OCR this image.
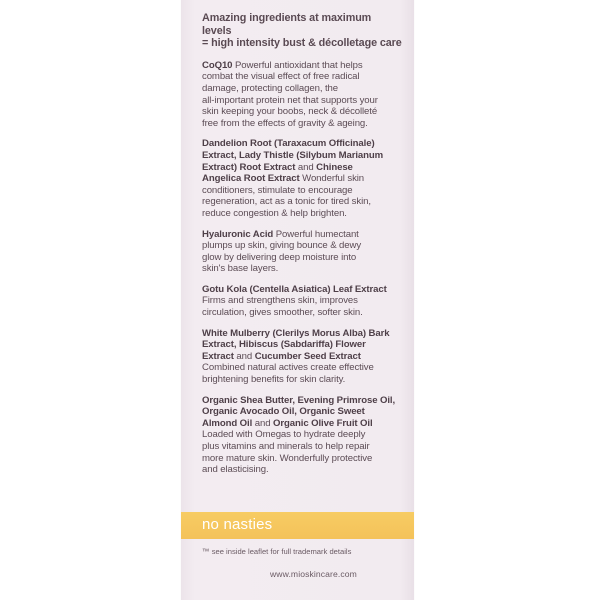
Amazing ingredients at maximum levels
= high intensity bust & décolletage care
CoQ10 Powerful antioxidant that helps
combat the visual effect of free radical
damage, protecting collagen, the
all-important protein net that supports your
skin keeping your boobs, neck & décolleté
free from the effects of gravity & ageing.
Dandelion Root (Taraxacum Officinale)
Extract, Lady Thistle (Silybum Marianum
Extract) Root Extract and Chinese
Angelica Root Extract Wonderful skin
conditioners, stimulate to encourage
regeneration, act as a tonic for tired skin,
reduce congestion & help brighten.
Hyaluronic Acid Powerful humectant
plumps up skin, giving bounce & dewy
glow by delivering deep moisture into
skin's base layers.
Gotu Kola (Centella Asiatica) Leaf Extract
Firms and strengthens skin, improves
circulation, gives smoother, softer skin.
White Mulberry (Clerilys Morus Alba) Bark
Extract, Hibiscus (Sabdariffa) Flower
Extract and Cucumber Seed Extract
Combined natural actives create effective
brightening benefits for skin clarity.
Organic Shea Butter, Evening Primrose Oil,
Organic Avocado Oil, Organic Sweet
Almond Oil and Organic Olive Fruit Oil
Loaded with Omegas to hydrate deeply
plus vitamins and minerals to help repair
more mature skin. Wonderfully protective
and elasticising.
no nasties
™ see inside leaflet for full trademark details
www.mioskincare.com
